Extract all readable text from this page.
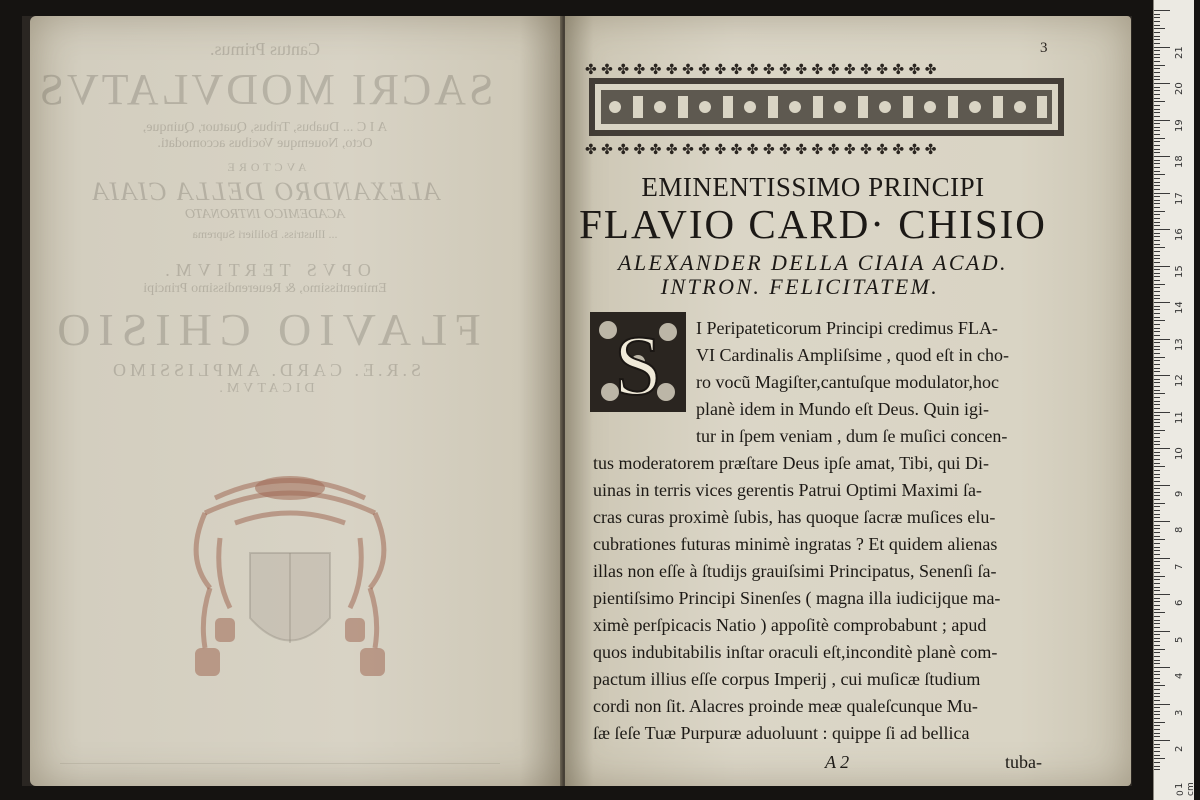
Cantus Primus.
SACRI MODVLATVS
A I C ... Duabus, Tribus, Quatuor, Quinque,
Octo, Nouemque Vocibus accomodati.
AVCTORE
ALEXANDRO DELLA CIAIA
ACADEMICO INTRONATO
... Illustriss. Bolilieri Suprema
OPVS TERTIVM.
Eminentissimo, & Reuerendissimo Principi
FLAVIO CHISIO
S.R.E. CARD. AMPLISSIMO
DICATVM.
3
✤ ✤ ✤ ✤ ✤ ✤ ✤ ✤ ✤ ✤ ✤ ✤ ✤ ✤ ✤ ✤ ✤ ✤ ✤ ✤ ✤ ✤
✤ ✤ ✤ ✤ ✤ ✤ ✤ ✤ ✤ ✤ ✤ ✤ ✤ ✤ ✤ ✤ ✤ ✤ ✤ ✤ ✤ ✤
EMINENTISSIMO PRINCIPI
FLAVIO CARD· CHISIO
ALEXANDER DELLA CIAIA ACAD.
INTRON. FELICITATEM.
S I Peripateticorum Principi credimus FLA-
VI Cardinalis Ampliſsime , quod eſt in cho-
ro vocũ Magiſter,cantuſque modulator,hoc
planè idem in Mundo eſt Deus. Quin igi-
tur in ſpem veniam , dum ſe muſici concen-
tus moderatorem præſtare Deus ipſe amat, Tibi, qui Di-
uinas in terris vices gerentis Patrui Optimi Maximi ſa-
cras curas proximè ſubis, has quoque ſacræ muſices elu-
cubrationes futuras minimè ingratas ? Et quidem alienas
illas non eſſe à ſtudijs grauiſsimi Principatus, Senenſi ſa-
pientiſsimo Principi Sinenſes ( magna illa iudicijque ma-
ximè perſpicacis Natio ) appoſitè comprobabunt ; apud
quos indubitabilis inſtar oraculi eſt,inconditè planè com-
pactum illius eſſe corpus Imperij , cui muſicæ ſtudium
cordi non ſit. Alacres proinde meæ qualeſcunque Mu-
ſæ ſeſe Tuæ Purpuræ aduoluunt : quippe ſi ad bellica
A 2	tuba-
0 cm
21
20
19
18
17
16
15
14
13
12
11
10
9
8
7
6
5
4
3
2
1
